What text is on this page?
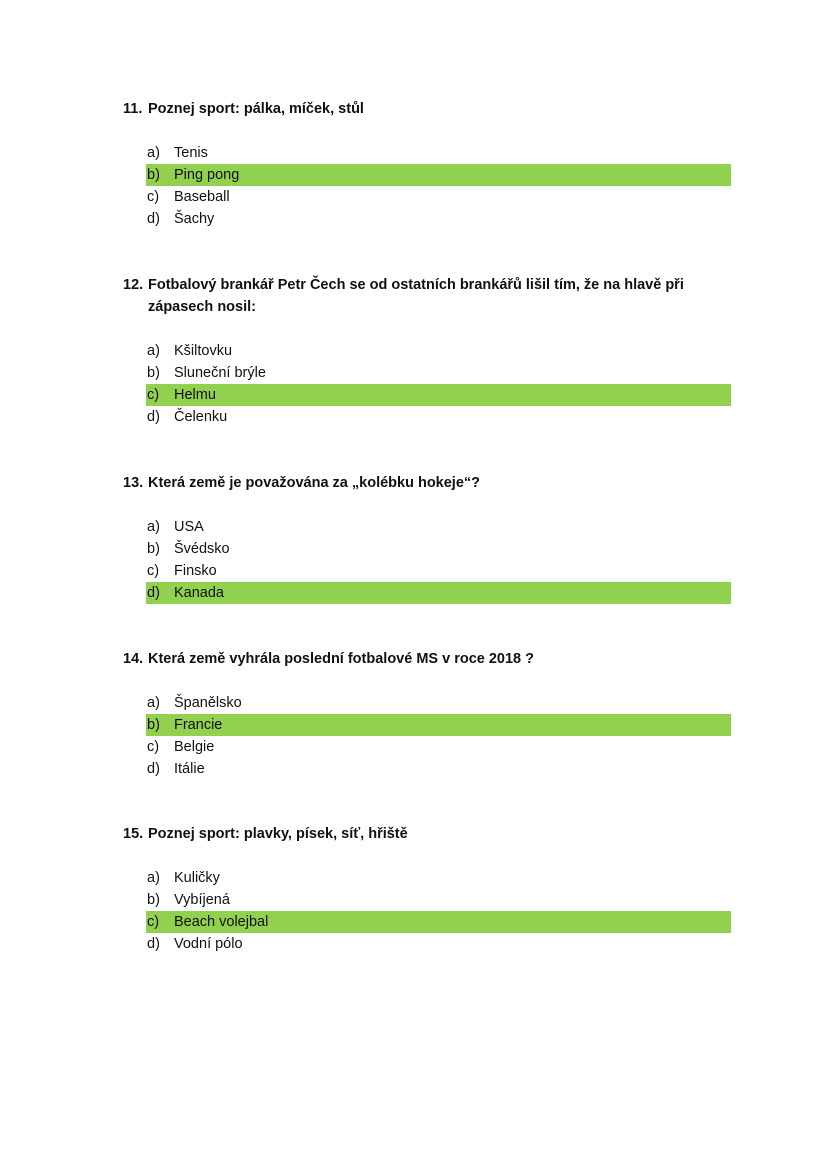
11. Poznej sport: pálka, míček, stůl
a) Tenis
b) Ping pong
c)	Baseball
d) Šachy
12. Fotbalový brankář Petr Čech se od ostatních brankářů lišil tím, že na hlavě při zápasech nosil:
a) Kšiltovku
b) Sluneční brýle
c)	Helmu
d) Čelenku
13. Která země je považována za „kolébku hokeje“?
a) USA
b) Švédsko
c)	Finsko
d) Kanada
14. Která země vyhrála poslední fotbalové MS v roce 2018 ?
a) Španělsko
b) Francie
c)	Belgie
d) Itálie
15. Poznej sport: plavky, písek, síť, hřiště
a) Kuličky
b) Vybíjená
c)	Beach volejbal
d) Vodní pólo
